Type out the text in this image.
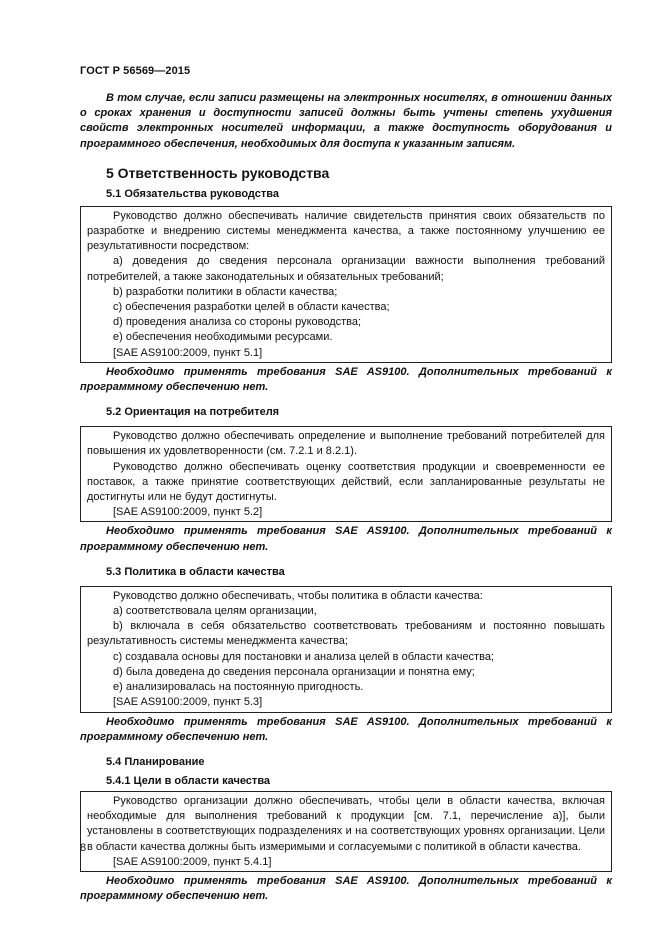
ГОСТ Р 56569—2015

В том случае, если записи размещены на электронных носителях, в отношении данных о сроках хранения и доступности записей должны быть учтены степень ухудшения свойств электронных носителей информации, а также доступность оборудования и программного обеспечения, необходимых для доступа к указанным записям.

5 Ответственность руководства

5.1 Обязательства руководства

Руководство должно обеспечивать наличие свидетельств принятия своих обязательств по разработке и внедрению системы менеджмента качества, а также постоянному улучшению ее результативности посредством:

a) доведения до сведения персонала организации важности выполнения требований потребителей, а также законодательных и обязательных требований;

b) разработки политики в области качества;

c) обеспечения разработки целей в области качества;

d) проведения анализа со стороны руководства;

e) обеспечения необходимыми ресурсами.

[SAE AS9100:2009, пункт 5.1]

Необходимо применять требования SAE AS9100. Дополнительных требований к программному обеспечению нет.

5.2 Ориентация на потребителя

Руководство должно обеспечивать определение и выполнение требований потребителей для повышения их удовлетворенности (см. 7.2.1 и 8.2.1).

Руководство должно обеспечивать оценку соответствия продукции и своевременности ее поставок, а также принятие соответствующих действий, если запланированные результаты не достигнуты или не будут достигнуты.

[SAE AS9100:2009, пункт 5.2]

Необходимо применять требования SAE AS9100. Дополнительных требований к программному обеспечению нет.

5.3 Политика в области качества

Руководство должно обеспечивать, чтобы политика в области качества:

a) соответствовала целям организации,

b) включала в себя обязательство соответствовать требованиям и постоянно повышать результативность системы менеджмента качества;

c) создавала основы для постановки и анализа целей в области качества;

d) была доведена до сведения персонала организации и понятна ему;

e) анализировалась на постоянную пригодность.

[SAE AS9100:2009, пункт 5.3]

Необходимо применять требования SAE AS9100. Дополнительных требований к программному обеспечению нет.

5.4 Планирование

5.4.1 Цели в области качества

Руководство организации должно обеспечивать, чтобы цели в области качества, включая необходимые для выполнения требований к продукции [см. 7.1, перечисление а)], были установлены в соответствующих подразделениях и на соответствующих уровнях организации. Цели в области качества должны быть измеримыми и согласуемыми с политикой в области качества.

[SAE AS9100:2009, пункт 5.4.1]

Необходимо применять требования SAE AS9100. Дополнительных требований к программному обеспечению нет.

8
